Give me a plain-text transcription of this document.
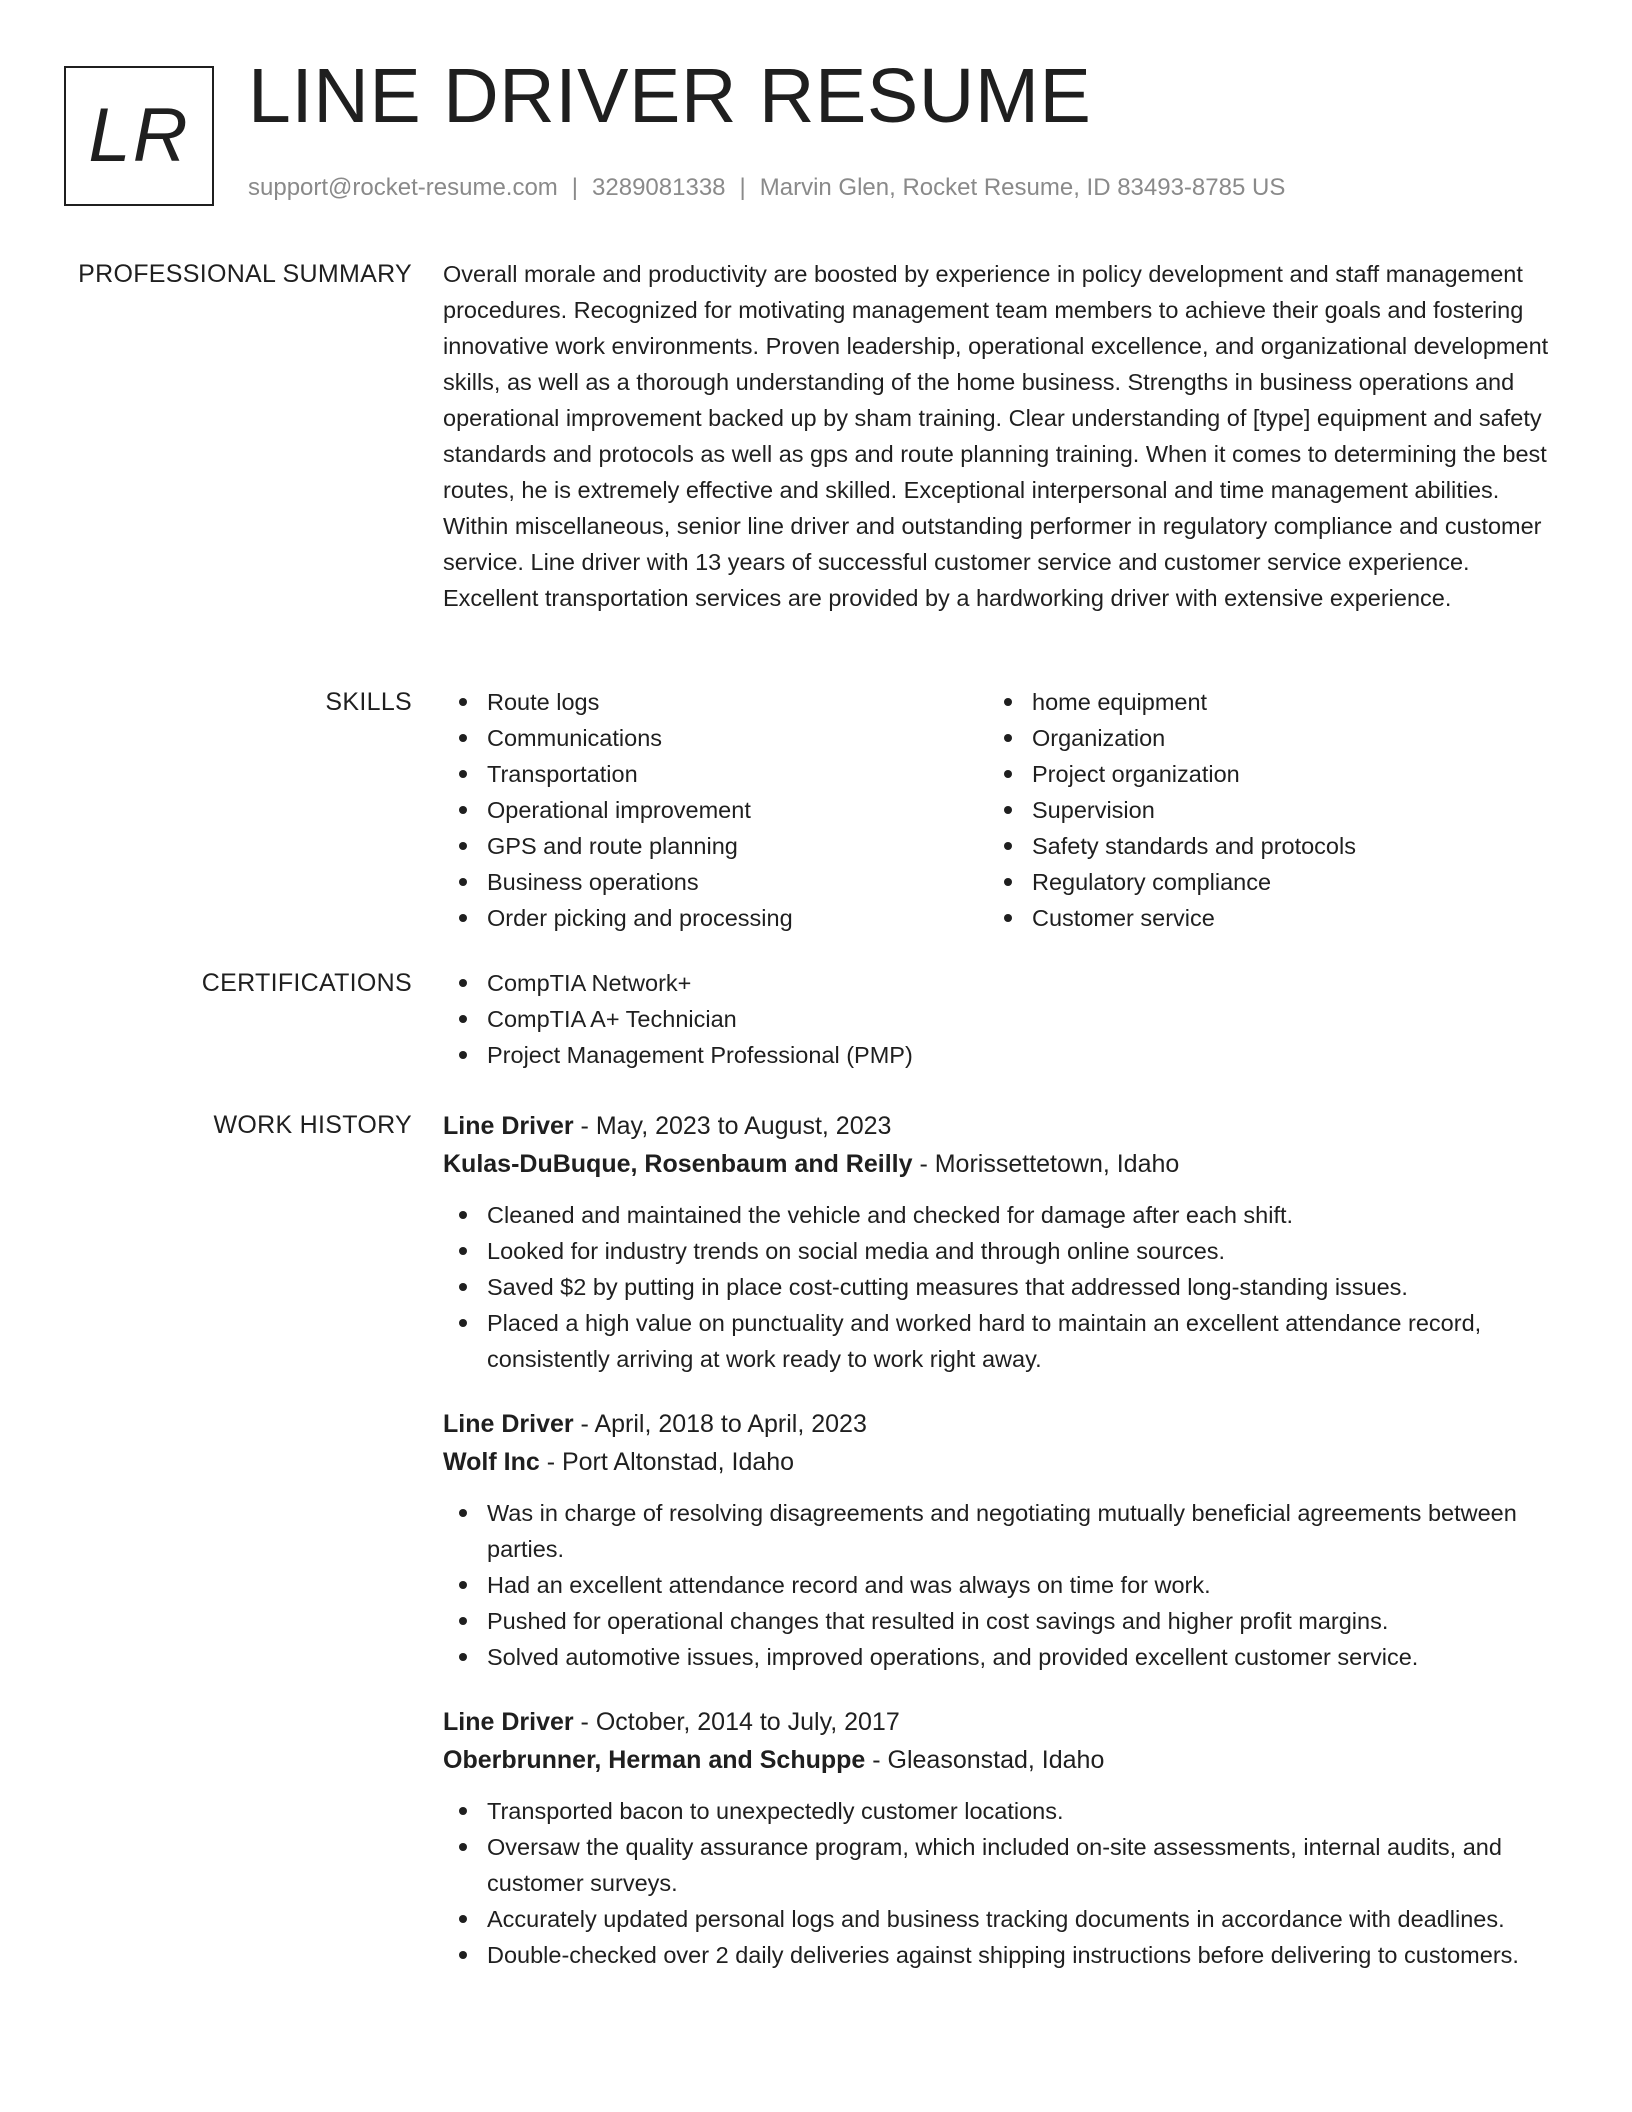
LR LINE DRIVER RESUME
support@rocket-resume.com | 3289081338 | Marvin Glen, Rocket Resume, ID 83493-8785 US
PROFESSIONAL SUMMARY Overall morale and productivity are boosted by experience in policy development and staff management procedures. Recognized for motivating management team members to achieve their goals and fostering innovative work environments. Proven leadership, operational excellence, and organizational development skills, as well as a thorough understanding of the home business. Strengths in business operations and operational improvement backed up by sham training. Clear understanding of [type] equipment and safety standards and protocols as well as gps and route planning training. When it comes to determining the best routes, he is extremely effective and skilled. Exceptional interpersonal and time management abilities. Within miscellaneous, senior line driver and outstanding performer in regulatory compliance and customer service. Line driver with 13 years of successful customer service and customer service experience. Excellent transportation services are provided by a hardworking driver with extensive experience.

SKILLS	Route logs
Communications
Transportation
Operational improvement
GPS and route planning
Business operations
Order picking and processing
home equipment
Organization
Project organization
Supervision
Safety standards and protocols
Regulatory compliance
Customer service
CERTIFICATIONS	CompTIA Network+
CompTIA A+ Technician
Project Management Professional (PMP)
WORK HISTORY Line Driver - May, 2023 to August, 2023
Kulas-DuBuque, Rosenbaum and Reilly - Morissettetown, Idaho
Cleaned and maintained the vehicle and checked for damage after each shift.
Looked for industry trends on social media and through online sources.
Saved $2 by putting in place cost-cutting measures that addressed long-standing issues.
Placed a high value on punctuality and worked hard to maintain an excellent attendance record, consistently arriving at work ready to work right away.
Line Driver - April, 2018 to April, 2023
Wolf Inc - Port Altonstad, Idaho
Was in charge of resolving disagreements and negotiating mutually beneficial agreements between parties.
Had an excellent attendance record and was always on time for work.
Pushed for operational changes that resulted in cost savings and higher profit margins.
Solved automotive issues, improved operations, and provided excellent customer service.
Line Driver - October, 2014 to July, 2017
Oberbrunner, Herman and Schuppe - Gleasonstad, Idaho
Transported bacon to unexpectedly customer locations.
Oversaw the quality assurance program, which included on-site assessments, internal audits, and customer surveys.
Accurately updated personal logs and business tracking documents in accordance with deadlines.
Double-checked over 2 daily deliveries against shipping instructions before delivering to customers.
